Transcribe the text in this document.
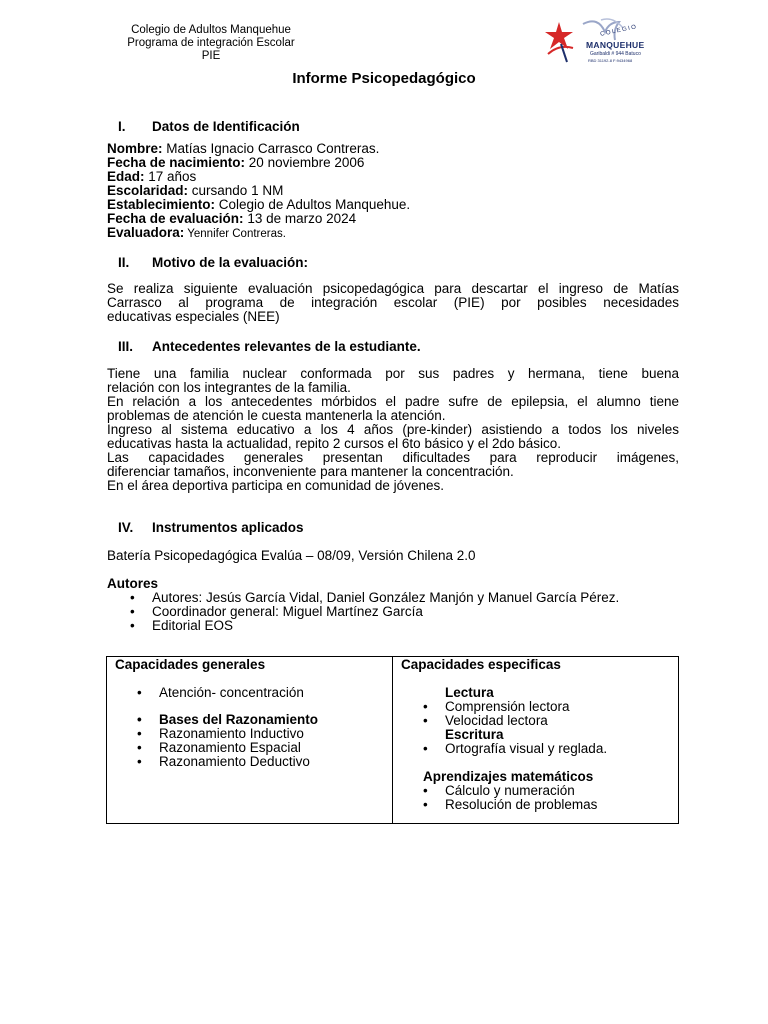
Colegio de Adultos Manquehue
Programa de integración Escolar
PIE
COLEGIO
MANQUEHUE
Garibaldi # 944 Batuco
RBD 31192-8 F:9434968
Informe Psicopedagógico
I. Datos de Identificación
Nombre: Matías Ignacio Carrasco Contreras.
Fecha de nacimiento: 20 noviembre 2006
Edad: 17 años
Escolaridad: cursando 1 NM
Establecimiento: Colegio de Adultos Manquehue.
Fecha de evaluación: 13 de marzo 2024
Evaluadora: Yennifer Contreras.
II. Motivo de la evaluación:
Se realiza siguiente evaluación psicopedagógica para descartar el ingreso de Matías
Carrasco al programa de integración escolar (PIE) por posibles necesidades
educativas especiales (NEE)
III. Antecedentes relevantes de la estudiante.
Tiene una familia nuclear conformada por sus padres y hermana, tiene buena
relación con los integrantes de la familia.
En relación a los antecedentes mórbidos el padre sufre de epilepsia, el alumno tiene
problemas de atención le cuesta mantenerla la atención.
Ingreso al sistema educativo a los 4 años (pre-kinder) asistiendo a todos los niveles
educativas hasta la actualidad, repito 2 cursos el 6to básico y el 2do básico.
Las capacidades generales presentan dificultades para reproducir imágenes,
diferenciar tamaños, inconveniente para mantener la concentración.
En el área deportiva participa en comunidad de jóvenes.
IV. Instrumentos aplicados
Batería Psicopedagógica Evalúa – 08/09, Versión Chilena 2.0
Autores
• Autores: Jesús García Vidal, Daniel González Manjón y Manuel García Pérez.
• Coordinador general: Miguel Martínez García
• Editorial EOS
Capacidades generales	Capacidades especificas
• Atención- concentración
• Bases del Razonamiento
• Razonamiento Inductivo
• Razonamiento Espacial
• Razonamiento Deductivo
Lectura
• Comprensión lectora
• Velocidad lectora
Escritura
• Ortografía visual y reglada.
Aprendizajes matemáticos
• Cálculo y numeración
• Resolución de problemas
